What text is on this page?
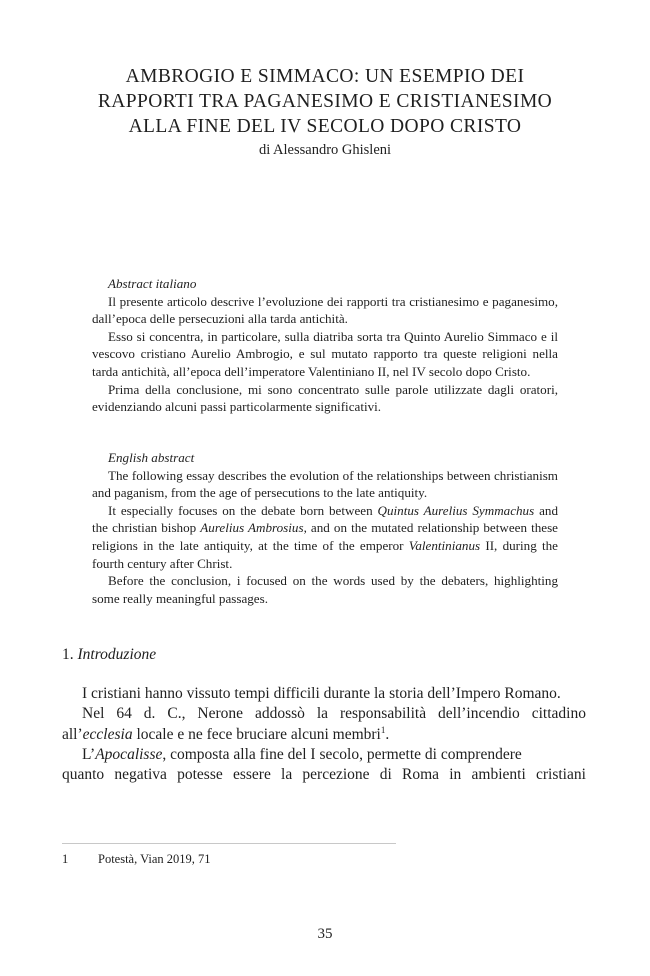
AMBROGIO E SIMMACO: UN ESEMPIO DEI
RAPPORTI TRA PAGANESIMO E CRISTIANESIMO
ALLA FINE DEL IV SECOLO DOPO CRISTO
di Alessandro Ghisleni

Abstract italiano

Il presente articolo descrive l’evoluzione dei rapporti tra cristianesimo e paganesimo, dall’epoca delle persecuzioni alla tarda antichità.

Esso si concentra, in particolare, sulla diatriba sorta tra Quinto Aurelio Simmaco e il vescovo cristiano Aurelio Ambrogio, e sul mutato rapporto tra queste religioni nella tarda antichità, all’epoca dell’imperatore Valentiniano II, nel IV secolo dopo Cristo.

Prima della conclusione, mi sono concentrato sulle parole utilizzate dagli oratori, evidenziando alcuni passi particolarmente significativi.

English abstract

The following essay describes the evolution of the relationships between christianism and paganism, from the age of persecutions to the late antiquity.

It especially focuses on the debate born between Quintus Aurelius Symmachus and the christian bishop Aurelius Ambrosius, and on the mutated relationship between these religions in the late antiquity, at the time of the emperor Valentinianus II, during the fourth century after Christ.

Before the conclusion, i focused on the words used by the debaters, highlighting some really meaningful passages.

1. Introduzione

I cristiani hanno vissuto tempi difficili durante la storia dell’Impero Romano.

Nel 64 d. C., Nerone addossò la responsabilità dell’incendio cittadino all’ecclesia locale e ne fece bruciare alcuni membri$^1$.

L’Apocalisse, composta alla fine del I secolo, permette di comprendere

quanto negativa potesse essere la percezione di Roma in ambienti cristiani
1 Potestà, Vian 2019, 71
35
